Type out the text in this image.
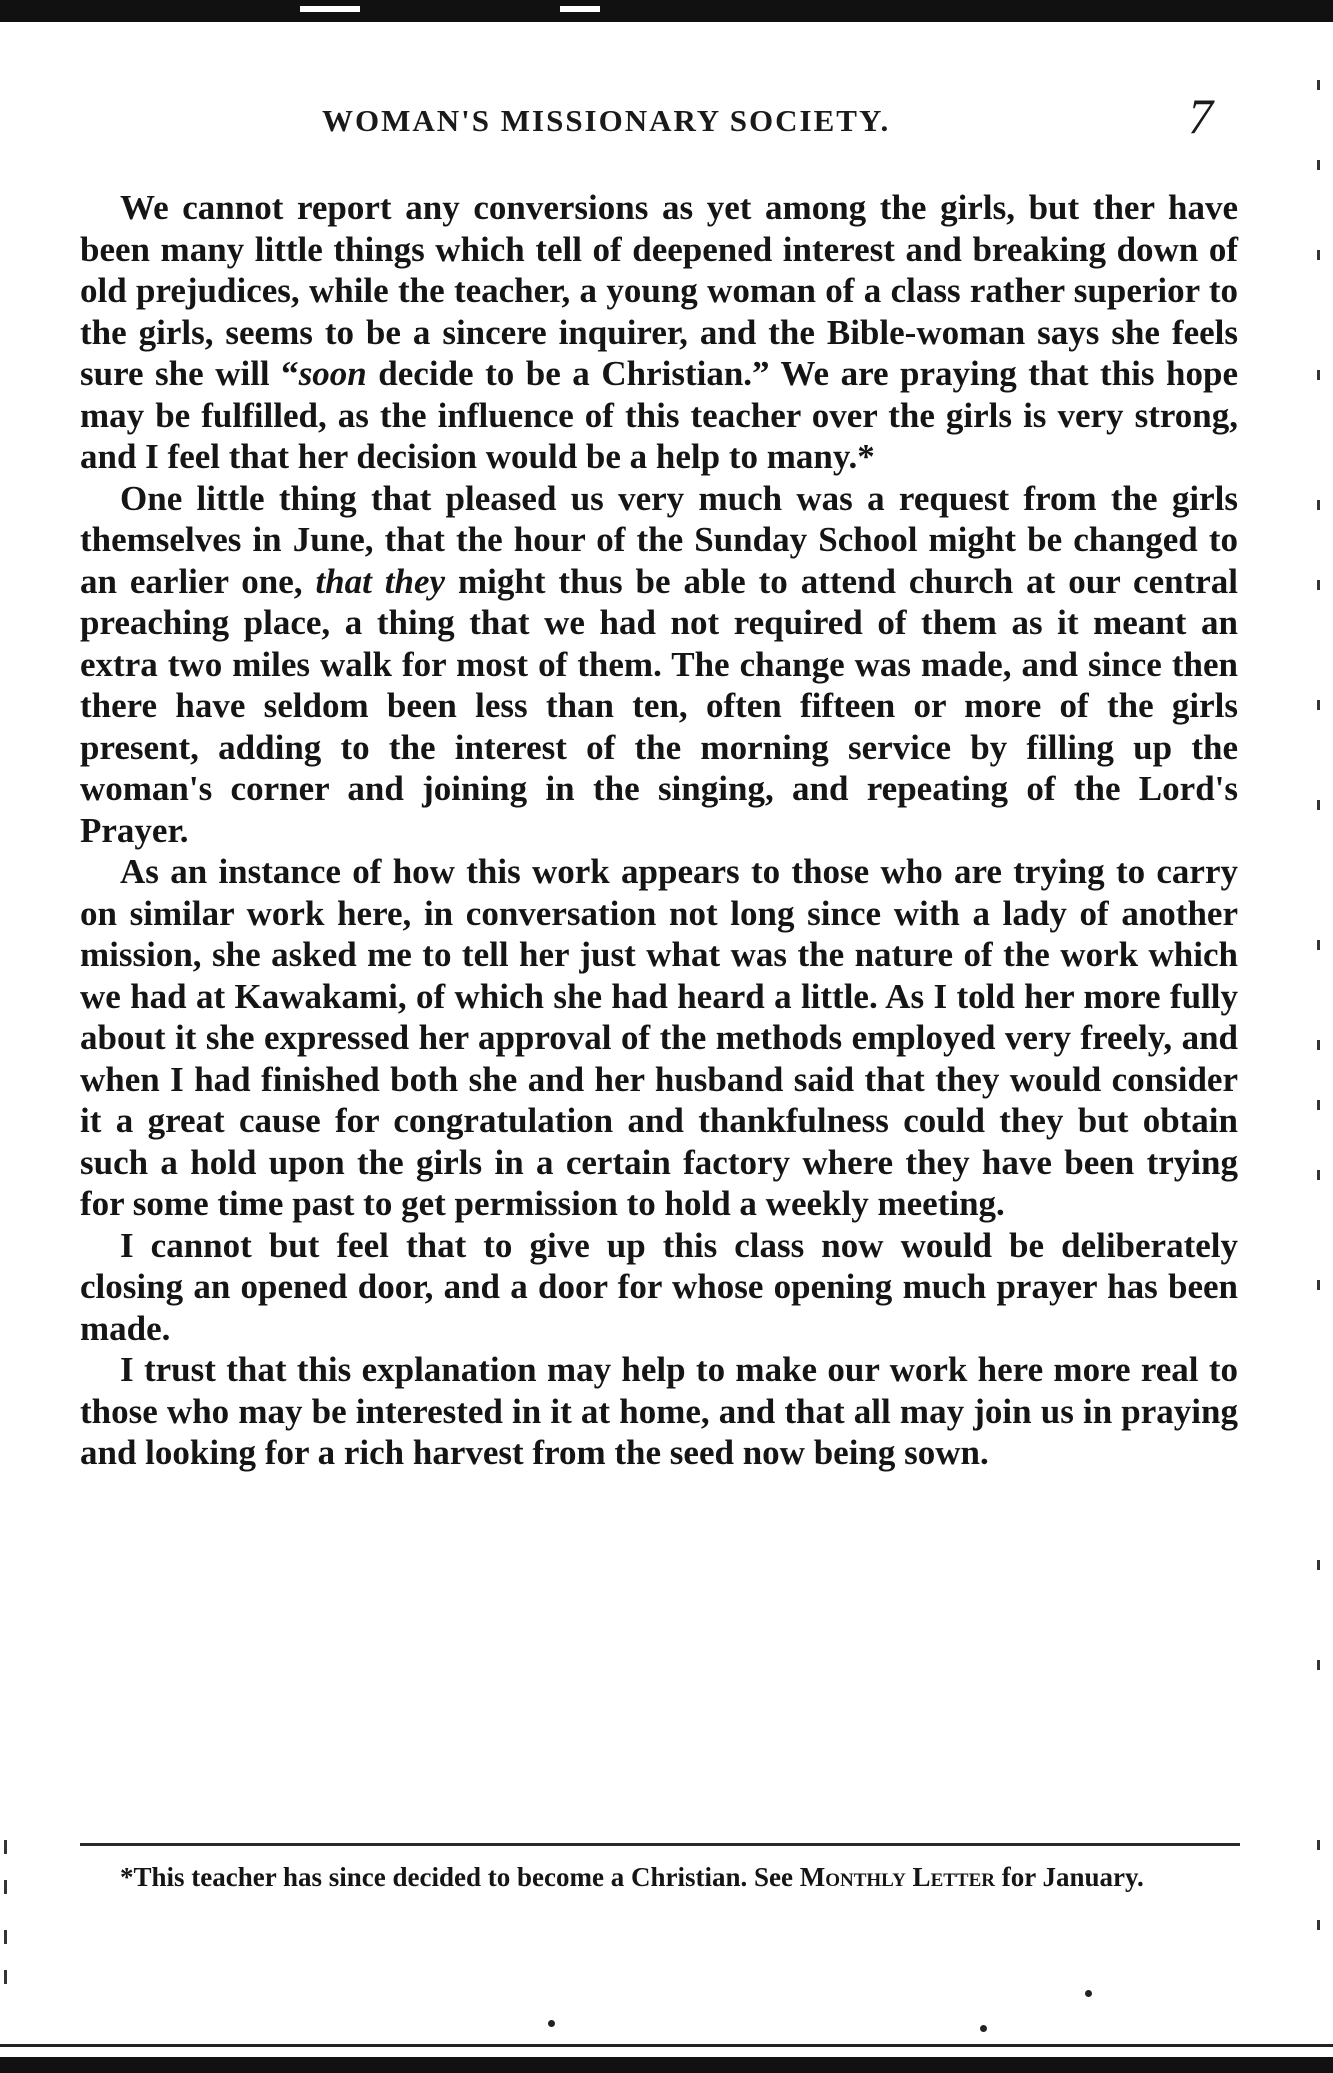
WOMAN'S MISSIONARY SOCIETY.	7

We cannot report any conversions as yet among the girls, but ther have been many little things which tell of deepened interest and breaking down of old prejudices, while the teacher, a young woman of a class rather superior to the girls, seems to be a sincere inquirer, and the Bible-woman says she feels sure she will “soon decide to be a Christian.” We are praying that this hope may be fulfilled, as the influence of this teacher over the girls is very strong, and I feel that her decision would be a help to many.*

One little thing that pleased us very much was a request from the girls themselves in June, that the hour of the Sunday School might be changed to an earlier one, that they might thus be able to attend church at our central preaching place, a thing that we had not required of them as it meant an extra two miles walk for most of them. The change was made, and since then there have seldom been less than ten, often fifteen or more of the girls present, adding to the interest of the morning service by filling up the woman's corner and joining in the singing, and repeating of the Lord's Prayer.

As an instance of how this work appears to those who are trying to carry on similar work here, in conversation not long since with a lady of another mission, she asked me to tell her just what was the nature of the work which we had at Kawakami, of which she had heard a little. As I told her more fully about it she expressed her approval of the methods employed very freely, and when I had finished both she and her husband said that they would consider it a great cause for congratulation and thankfulness could they but obtain such a hold upon the girls in a certain factory where they have been trying for some time past to get permission to hold a weekly meeting.

I cannot but feel that to give up this class now would be deliberately closing an opened door, and a door for whose opening much prayer has been made.

I trust that this explanation may help to make our work here more real to those who may be interested in it at home, and that all may join us in praying and looking for a rich harvest from the seed now being sown.

*This teacher has since decided to become a Christian. See Monthly Letter for January.
